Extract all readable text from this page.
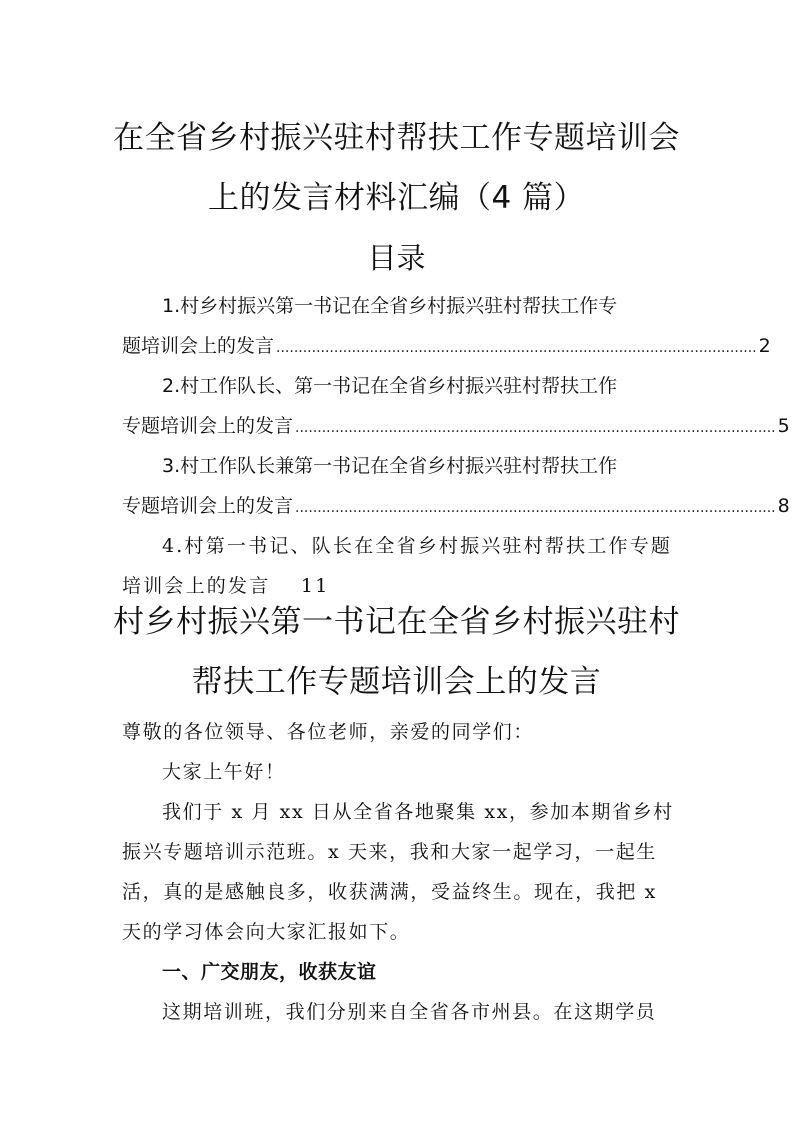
在全省乡村振兴驻村帮扶工作专题培训会
上的发言材料汇编（4 篇）
目录
1.村乡村振兴第一书记在全省乡村振兴驻村帮扶工作专
题培训会上的发言 ............................................................................................................ 2
2.村工作队长、第一书记在全省乡村振兴驻村帮扶工作
专题培训会上的发言 ............................................................................................................ 5
3.村工作队长兼第一书记在全省乡村振兴驻村帮扶工作
专题培训会上的发言 ............................................................................................................ 8
4.村第一书记、队长在全省乡村振兴驻村帮扶工作专题
培训会上的发言 11
村乡村振兴第一书记在全省乡村振兴驻村
帮扶工作专题培训会上的发言
尊敬的各位领导、各位老师，亲爱的同学们：
大家上午好！
我们于 x 月 xx 日从全省各地聚集 xx，参加本期省乡村
振兴专题培训示范班。x 天来，我和大家一起学习，一起生
活，真的是感触良多，收获满满，受益终生。现在，我把 x
天的学习体会向大家汇报如下。
一、广交朋友，收获友谊
这期培训班，我们分别来自全省各市州县。在这期学员
